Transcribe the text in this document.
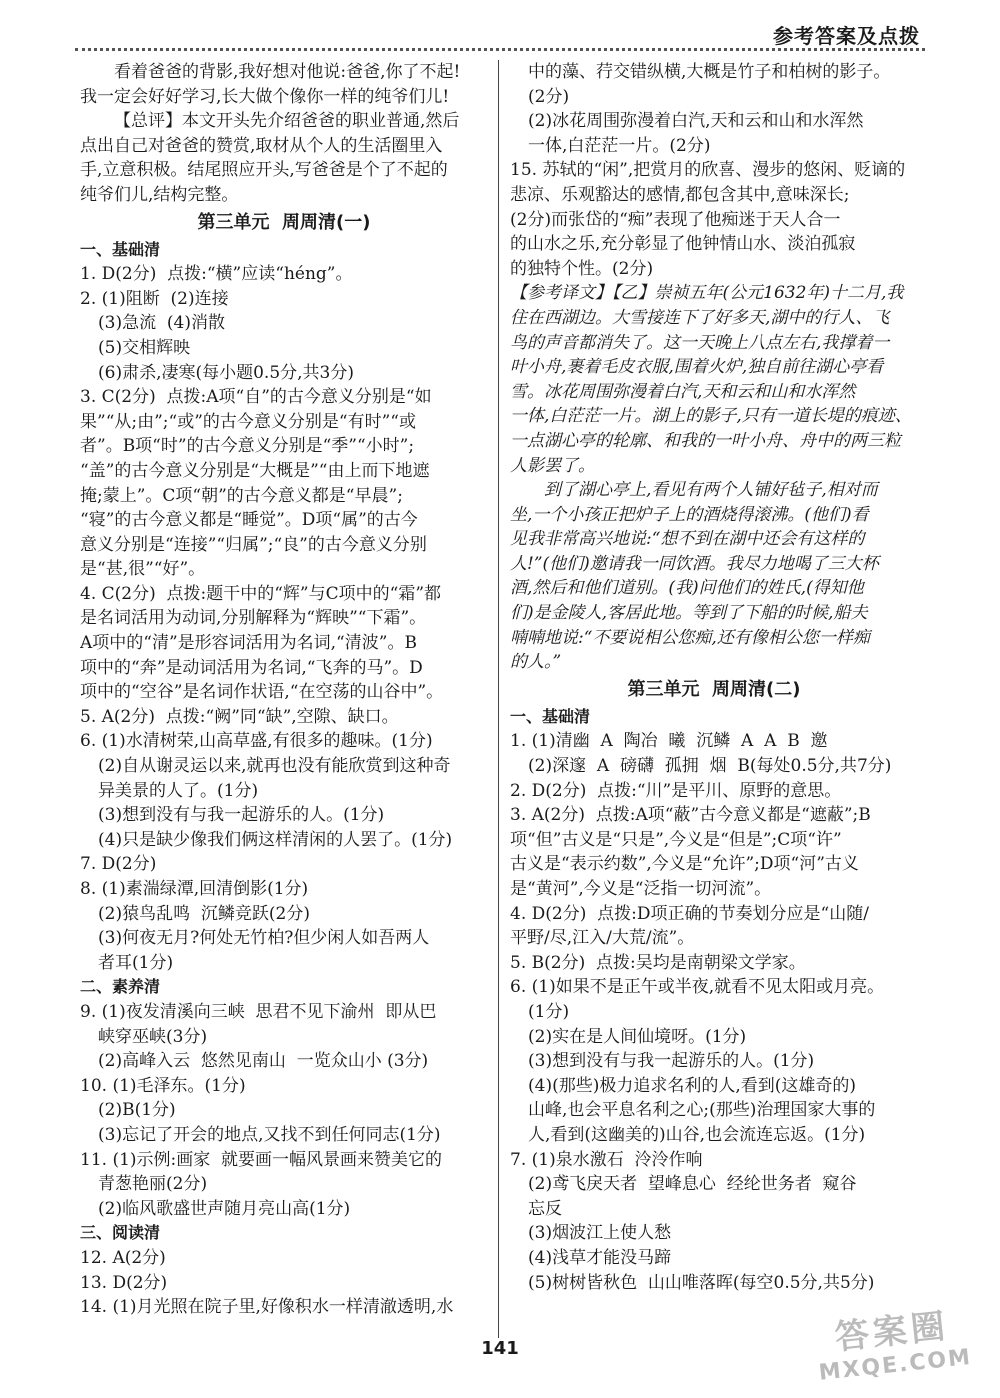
参考答案及点拨
看着爸爸的背影,我好想对他说:爸爸,你了不起!
我一定会好好学习,长大做个像你一样的纯爷们儿!
【总评】本文开头先介绍爸爸的职业普通,然后
点出自己对爸爸的赞赏,取材从个人的生活圈里入
手,立意积极。结尾照应开头,写爸爸是个了不起的
纯爷们儿,结构完整。
第三单元  周周清(一)
一、基础清
1. D(2分)  点拨:“横”应读“héng”。
2. (1)阻断  (2)连接
(3)急流  (4)消散
(5)交相辉映
(6)肃杀,凄寒(每小题0.5分,共3分)
3. C(2分)  点拨:A项“自”的古今意义分别是“如
果”“从;由”;“或”的古今意义分别是“有时”“或
者”。B项“时”的古今意义分别是“季”“小时”;
“盖”的古今意义分别是“大概是”“由上而下地遮
掩;蒙上”。C项“朝”的古今意义都是“早晨”;
“寝”的古今意义都是“睡觉”。D项“属”的古今
意义分别是“连接”“归属”;“良”的古今意义分别
是“甚,很”“好”。
4. C(2分)  点拨:题干中的“辉”与C项中的“霜”都
是名词活用为动词,分别解释为“辉映”“下霜”。
A项中的“清”是形容词活用为名词,“清波”。B
项中的“奔”是动词活用为名词,“飞奔的马”。D
项中的“空谷”是名词作状语,“在空荡的山谷中”。
5. A(2分)  点拨:“阙”同“缺”,空隙、缺口。
6. (1)水清树荣,山高草盛,有很多的趣味。(1分)
(2)自从谢灵运以来,就再也没有能欣赏到这种奇
异美景的人了。(1分)
(3)想到没有与我一起游乐的人。(1分)
(4)只是缺少像我们俩这样清闲的人罢了。(1分)
7. D(2分)
8. (1)素湍绿潭,回清倒影(1分)
(2)猿鸟乱鸣  沉鳞竞跃(2分)
(3)何夜无月?何处无竹柏?但少闲人如吾两人
者耳(1分)
二、素养清
9. (1)夜发清溪向三峡  思君不见下渝州  即从巴
峡穿巫峡(3分)
(2)高峰入云  悠然见南山  一览众山小 (3分)
10. (1)毛泽东。(1分)
(2)B(1分)
(3)忘记了开会的地点,又找不到任何同志(1分)
11. (1)示例:画家  就要画一幅风景画来赞美它的
青葱艳丽(2分)
(2)临风歌盛世声随月亮山高(1分)
三、阅读清
12. A(2分)
13. D(2分)
14. (1)月光照在院子里,好像积水一样清澈透明,水
中的藻、荇交错纵横,大概是竹子和柏树的影子。
(2分)
(2)冰花周围弥漫着白汽,天和云和山和水浑然
一体,白茫茫一片。(2分)
15. 苏轼的“闲”,把赏月的欣喜、漫步的悠闲、贬谪的
悲凉、乐观豁达的感情,都包含其中,意味深长;
(2分)而张岱的“痴”表现了他痴迷于天人合一
的山水之乐,充分彰显了他钟情山水、淡泊孤寂
的独特个性。(2分)
【参考译文】【乙】崇祯五年(公元1632年)十二月,我
住在西湖边。大雪接连下了好多天,湖中的行人、飞
鸟的声音都消失了。这一天晚上八点左右,我撑着一
叶小舟,裹着毛皮衣服,围着火炉,独自前往湖心亭看
雪。冰花周围弥漫着白汽,天和云和山和水浑然
一体,白茫茫一片。湖上的影子,只有一道长堤的痕迹、
一点湖心亭的轮廓、和我的一叶小舟、舟中的两三粒
人影罢了。
到了湖心亭上,看见有两个人铺好毡子,相对而
坐,一个小孩正把炉子上的酒烧得滚沸。(他们)看
见我非常高兴地说:“想不到在湖中还会有这样的
人!”(他们)邀请我一同饮酒。我尽力地喝了三大杯
酒,然后和他们道别。(我)问他们的姓氏,(得知他
们)是金陵人,客居此地。等到了下船的时候,船夫
喃喃地说:“不要说相公您痴,还有像相公您一样痴
的人。”
第三单元  周周清(二)
一、基础清
1. (1)清幽  A  陶冶  曦  沉鳞  A  A  B  邀
(2)深邃  A  磅礴  孤拥  烟  B(每处0.5分,共7分)
2. D(2分)  点拨:“川”是平川、原野的意思。
3. A(2分)  点拨:A项“蔽”古今意义都是“遮蔽”;B
项“但”古义是“只是”,今义是“但是”;C项“许”
古义是“表示约数”,今义是“允许”;D项“河”古义
是“黄河”,今义是“泛指一切河流”。
4. D(2分)  点拨:D项正确的节奏划分应是“山随/
平野/尽,江入/大荒/流”。
5. B(2分)  点拨:吴均是南朝梁文学家。
6. (1)如果不是正午或半夜,就看不见太阳或月亮。
(1分)
(2)实在是人间仙境呀。(1分)
(3)想到没有与我一起游乐的人。(1分)
(4)(那些)极力追求名利的人,看到(这雄奇的)
山峰,也会平息名利之心;(那些)治理国家大事的
人,看到(这幽美的)山谷,也会流连忘返。(1分)
7. (1)泉水激石  泠泠作响
(2)鸢飞戾天者  望峰息心  经纶世务者  窥谷
忘反
(3)烟波江上使人愁
(4)浅草才能没马蹄
(5)树树皆秋色  山山唯落晖(每空0.5分,共5分)
141	答案圈
MXQE.COM
